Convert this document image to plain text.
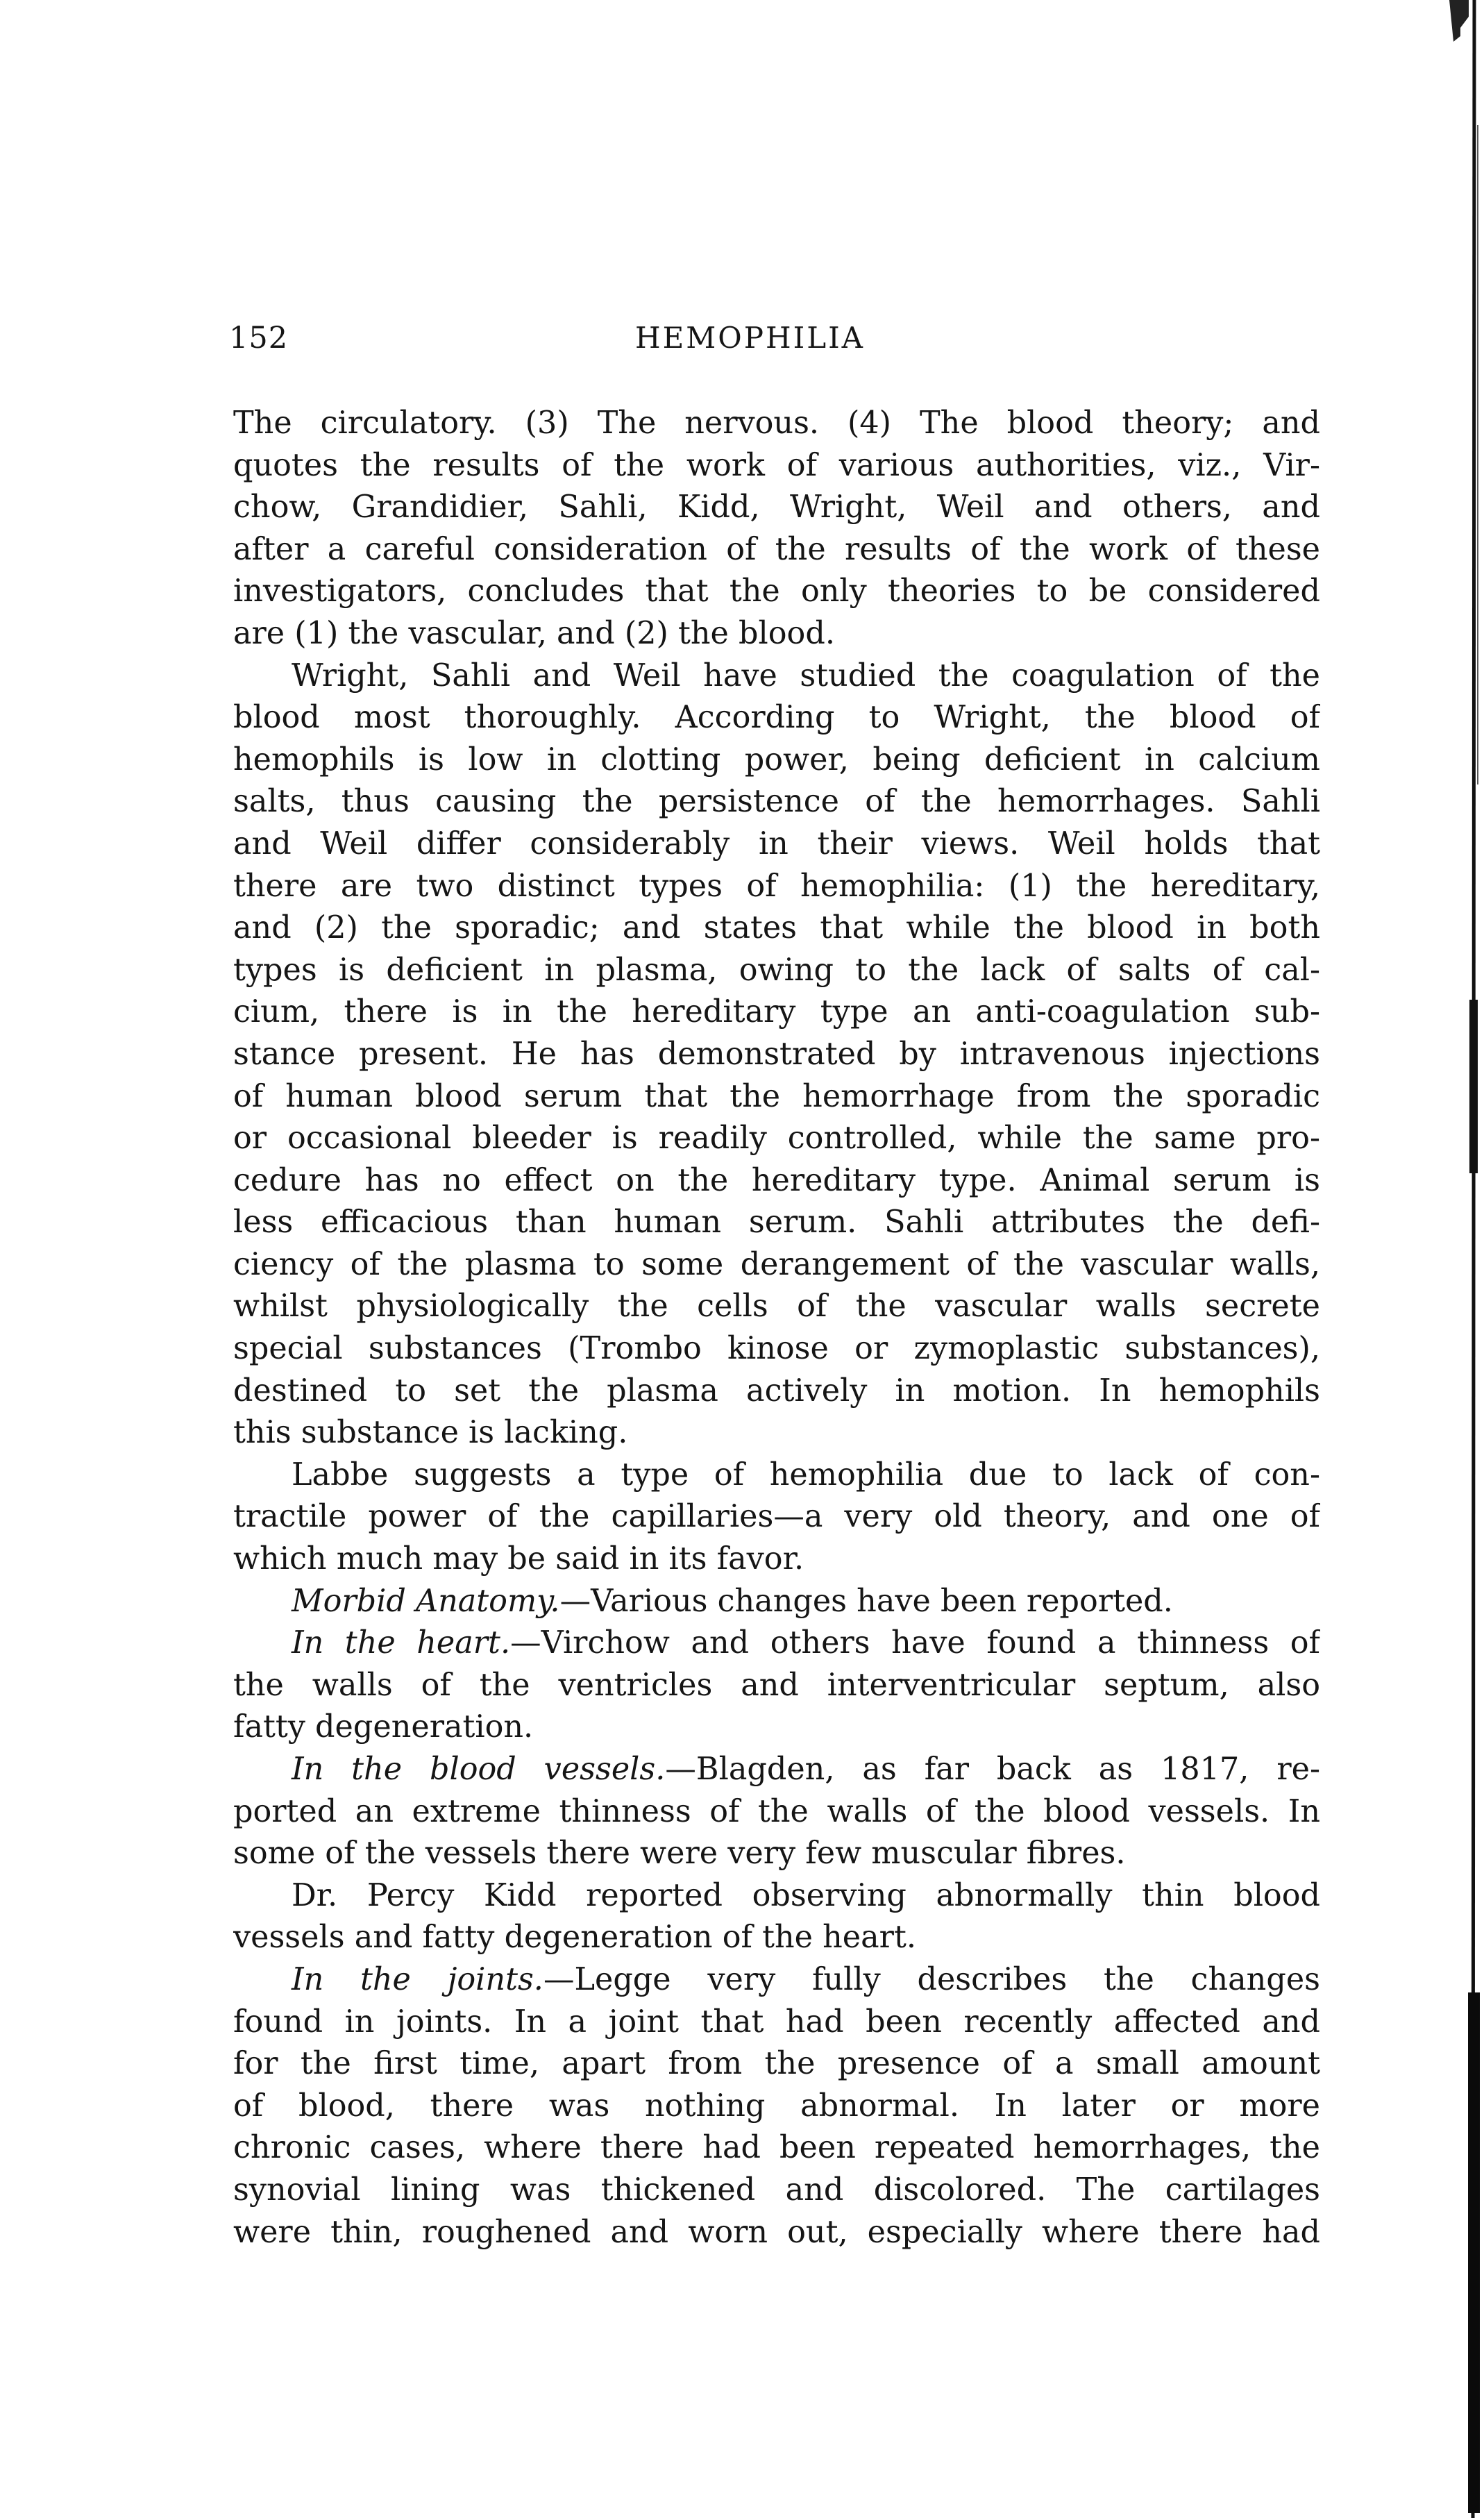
152	HEMOPHILIA
The circulatory. (3) The nervous. (4) The blood theory; and
quotes the results of the work of various authorities, viz., Vir-
chow, Grandidier, Sahli, Kidd, Wright, Weil and others, and
after a careful consideration of the results of the work of these
investigators, concludes that the only theories to be considered
are (1) the vascular, and (2) the blood.
Wright, Sahli and Weil have studied the coagulation of the
blood most thoroughly. According to Wright, the blood of
hemophils is low in clotting power, being deficient in calcium
salts, thus causing the persistence of the hemorrhages. Sahli
and Weil differ considerably in their views. Weil holds that
there are two distinct types of hemophilia: (1) the hereditary,
and (2) the sporadic; and states that while the blood in both
types is deficient in plasma, owing to the lack of salts of cal-
cium, there is in the hereditary type an anti-coagulation sub-
stance present. He has demonstrated by intravenous injections
of human blood serum that the hemorrhage from the sporadic
or occasional bleeder is readily controlled, while the same pro-
cedure has no effect on the hereditary type. Animal serum is
less efficacious than human serum. Sahli attributes the defi-
ciency of the plasma to some derangement of the vascular walls,
whilst physiologically the cells of the vascular walls secrete
special substances (Trombo kinose or zymoplastic substances),
destined to set the plasma actively in motion. In hemophils
this substance is lacking.
Labbe suggests a type of hemophilia due to lack of con-
tractile power of the capillaries—a very old theory, and one of
which much may be said in its favor.
Morbid Anatomy.—Various changes have been reported.
In the heart.—Virchow and others have found a thinness of
the walls of the ventricles and interventricular septum, also
fatty degeneration.
In the blood vessels.—Blagden, as far back as 1817, re-
ported an extreme thinness of the walls of the blood vessels. In
some of the vessels there were very few muscular fibres.
Dr. Percy Kidd reported observing abnormally thin blood
vessels and fatty degeneration of the heart.
In the joints.—Legge very fully describes the changes
found in joints. In a joint that had been recently affected and
for the first time, apart from the presence of a small amount
of blood, there was nothing abnormal. In later or more
chronic cases, where there had been repeated hemorrhages, the
synovial lining was thickened and discolored. The cartilages
were thin, roughened and worn out, especially where there had
